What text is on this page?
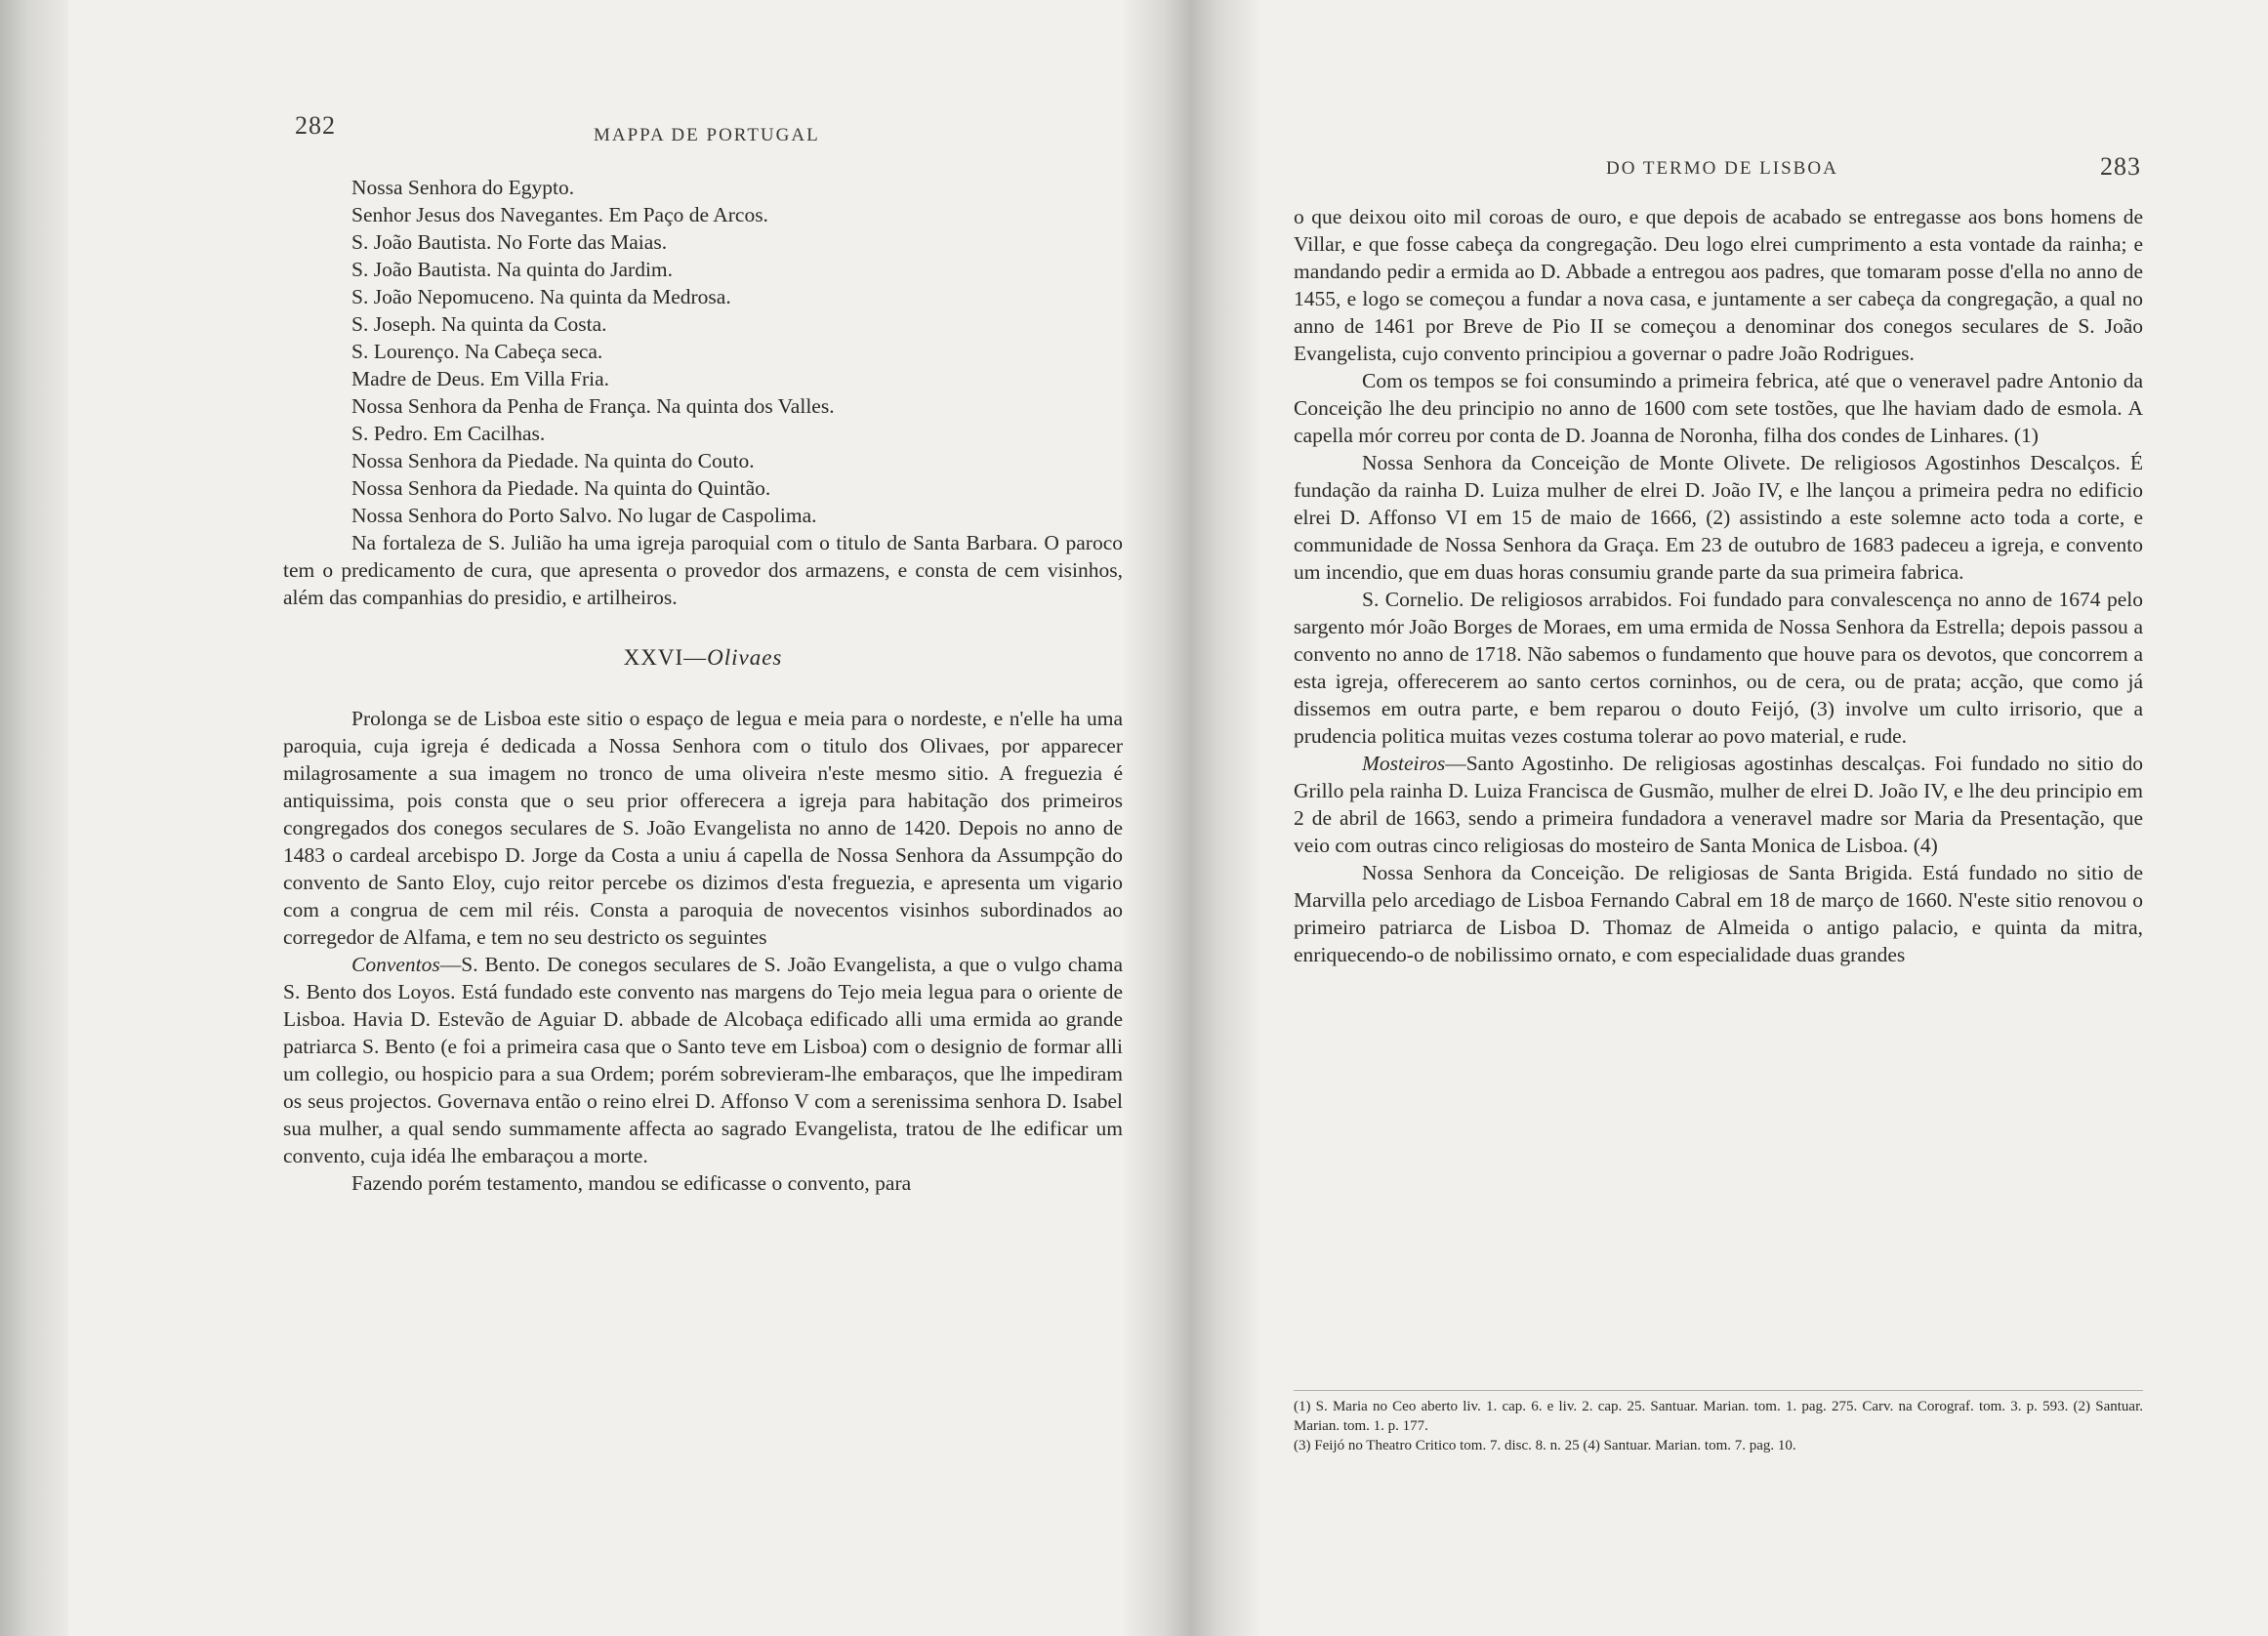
282	MAPPA DE PORTUGAL
Nossa Senhora do Egypto.
Senhor Jesus dos Navegantes. Em Paço de Arcos.
S. João Bautista. No Forte das Maias.
S. João Bautista. Na quinta do Jardim.
S. João Nepomuceno. Na quinta da Medrosa.
S. Joseph. Na quinta da Costa.
S. Lourenço. Na Cabeça seca.
Madre de Deus. Em Villa Fria.
Nossa Senhora da Penha de França. Na quinta dos Valles.
S. Pedro. Em Cacilhas.
Nossa Senhora da Piedade. Na quinta do Couto.
Nossa Senhora da Piedade. Na quinta do Quintão.
Nossa Senhora do Porto Salvo. No lugar de Caspolima.

Na fortaleza de S. Julião ha uma igreja paroquial com o titulo de Santa Barbara. O paroco tem o predicamento de cura, que apresenta o provedor dos armazens, e consta de cem visinhos, além das companhias do presidio, e artilheiros.

XXVI—Olivaes

Prolonga se de Lisboa este sitio o espaço de legua e meia para o nordeste, e n'elle ha uma paroquia, cuja igreja é dedicada a Nossa Senhora com o titulo dos Olivaes, por apparecer milagrosamente a sua imagem no tronco de uma oliveira n'este mesmo sitio. A freguezia é antiquissima, pois consta que o seu prior offerecera a igreja para habitação dos primeiros congregados dos conegos seculares de S. João Evangelista no anno de 1420. Depois no anno de 1483 o cardeal arcebispo D. Jorge da Costa a uniu á capella de Nossa Senhora da Assumpção do convento de Santo Eloy, cujo reitor percebe os dizimos d'esta freguezia, e apresenta um vigario com a congrua de cem mil réis. Consta a paroquia de novecentos visinhos subordinados ao corregedor de Alfama, e tem no seu destricto os seguintes

Conventos—S. Bento. De conegos seculares de S. João Evangelista, a que o vulgo chama S. Bento dos Loyos. Está fundado este convento nas margens do Tejo meia legua para o oriente de Lisboa. Havia D. Estevão de Aguiar D. abbade de Alcobaça edificado alli uma ermida ao grande patriarca S. Bento (e foi a primeira casa que o Santo teve em Lisboa) com o designio de formar alli um collegio, ou hospicio para a sua Ordem; porém sobrevieram-lhe embaraços, que lhe impediram os seus projectos. Governava então o reino elrei D. Affonso V com a serenissima senhora D. Isabel sua mulher, a qual sendo summamente affecta ao sagrado Evangelista, tratou de lhe edificar um convento, cuja idéa lhe embaraçou a morte.

Fazendo porém testamento, mandou se edificasse o convento, para

DO TERMO DE LISBOA	283

o que deixou oito mil coroas de ouro, e que depois de acabado se entregasse aos bons homens de Villar, e que fosse cabeça da congregação. Deu logo elrei cumprimento a esta vontade da rainha; e mandando pedir a ermida ao D. Abbade a entregou aos padres, que tomaram posse d'ella no anno de 1455, e logo se começou a fundar a nova casa, e juntamente a ser cabeça da congregação, a qual no anno de 1461 por Breve de Pio II se começou a denominar dos conegos seculares de S. João Evangelista, cujo convento principiou a governar o padre João Rodrigues.

Com os tempos se foi consumindo a primeira febrica, até que o veneravel padre Antonio da Conceição lhe deu principio no anno de 1600 com sete tostões, que lhe haviam dado de esmola. A capella mór correu por conta de D. Joanna de Noronha, filha dos condes de Linhares. (1)

Nossa Senhora da Conceição de Monte Olivete. De religiosos Agostinhos Descalços. É fundação da rainha D. Luiza mulher de elrei D. João IV, e lhe lançou a primeira pedra no edificio elrei D. Affonso VI em 15 de maio de 1666, (2) assistindo a este solemne acto toda a corte, e communidade de Nossa Senhora da Graça. Em 23 de outubro de 1683 padeceu a igreja, e convento um incendio, que em duas horas consumiu grande parte da sua primeira fabrica.

S. Cornelio. De religiosos arrabidos. Foi fundado para convalescença no anno de 1674 pelo sargento mór João Borges de Moraes, em uma ermida de Nossa Senhora da Estrella; depois passou a convento no anno de 1718. Não sabemos o fundamento que houve para os devotos, que concorrem a esta igreja, offerecerem ao santo certos corninhos, ou de cera, ou de prata; acção, que como já dissemos em outra parte, e bem reparou o douto Feijó, (3) involve um culto irrisorio, que a prudencia politica muitas vezes costuma tolerar ao povo material, e rude.

Mosteiros—Santo Agostinho. De religiosas agostinhas descalças. Foi fundado no sitio do Grillo pela rainha D. Luiza Francisca de Gusmão, mulher de elrei D. João IV, e lhe deu principio em 2 de abril de 1663, sendo a primeira fundadora a veneravel madre sor Maria da Presentação, que veio com outras cinco religiosas do mosteiro de Santa Monica de Lisboa. (4)

Nossa Senhora da Conceição. De religiosas de Santa Brigida. Está fundado no sitio de Marvilla pelo arcediago de Lisboa Fernando Cabral em 18 de março de 1660. N'este sitio renovou o primeiro patriarca de Lisboa D. Thomaz de Almeida o antigo palacio, e quinta da mitra, enriquecendo-o de nobilissimo ornato, e com especialidade duas grandes

(1) S. Maria no Ceo aberto liv. 1. cap. 6. e liv. 2. cap. 25. Santuar. Marian. tom. 1. pag. 275. Carv. na Corograf. tom. 3. p. 593. (2) Santuar. Marian. tom. 1. p. 177.
(3) Feijó no Theatro Critico tom. 7. disc. 8. n. 25 (4) Santuar. Marian. tom. 7. pag. 10.
